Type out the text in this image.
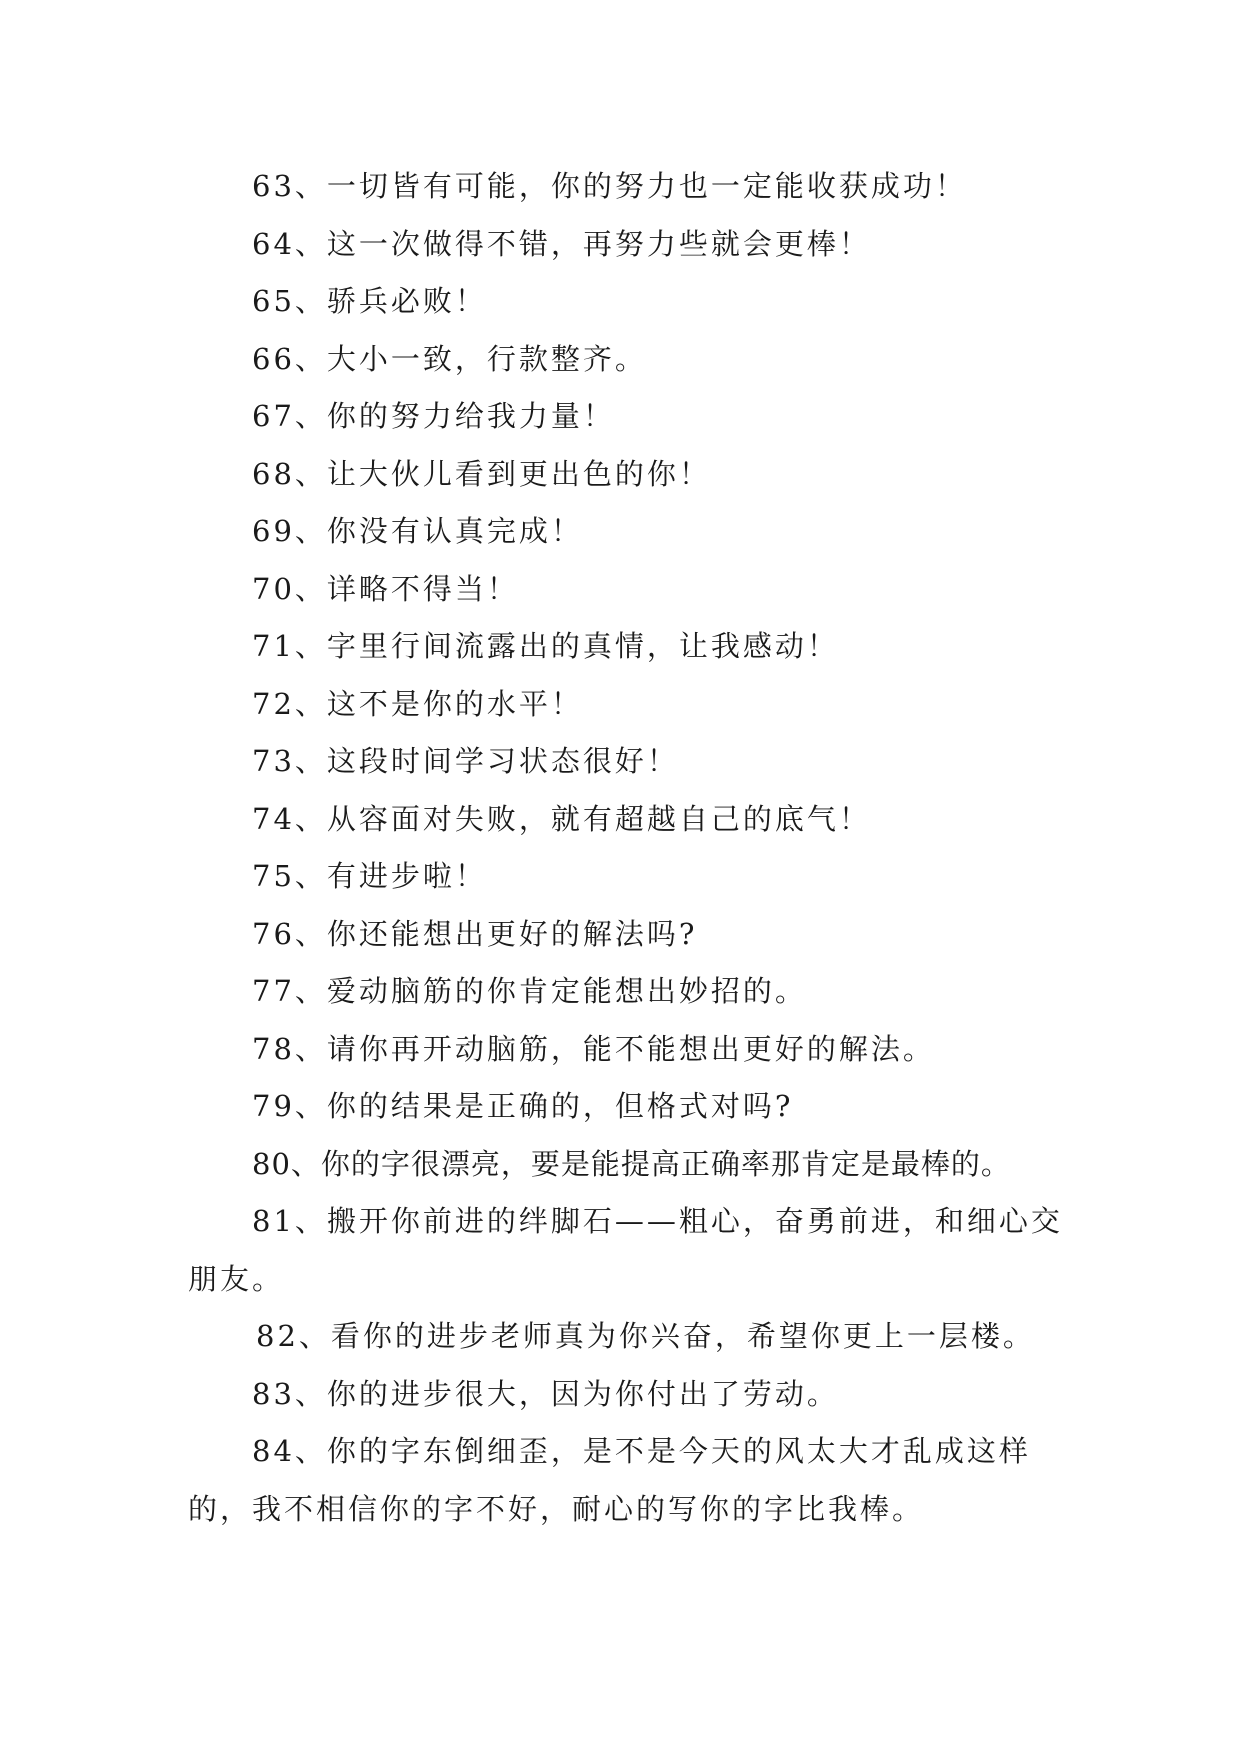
63、一切皆有可能，你的努力也一定能收获成功！

64、这一次做得不错，再努力些就会更棒！

65、骄兵必败！

66、大小一致，行款整齐。

67、你的努力给我力量！

68、让大伙儿看到更出色的你！

69、你没有认真完成！

70、详略不得当！

71、字里行间流露出的真情，让我感动！

72、这不是你的水平！

73、这段时间学习状态很好！

74、从容面对失败，就有超越自己的底气！

75、有进步啦！

76、你还能想出更好的解法吗?

77、爱动脑筋的你肯定能想出妙招的。

78、请你再开动脑筋，能不能想出更好的解法。

79、你的结果是正确的，但格式对吗?

80、你的字很漂亮，要是能提高正确率那肯定是最棒的。

81、搬开你前进的绊脚石——粗心，奋勇前进，和细心交朋友。

82、看你的进步老师真为你兴奋，希望你更上一层楼。

83、你的进步很大，因为你付出了劳动。

84、你的字东倒细歪，是不是今天的风太大才乱成这样的，我不相信你的字不好，耐心的写你的字比我棒。
